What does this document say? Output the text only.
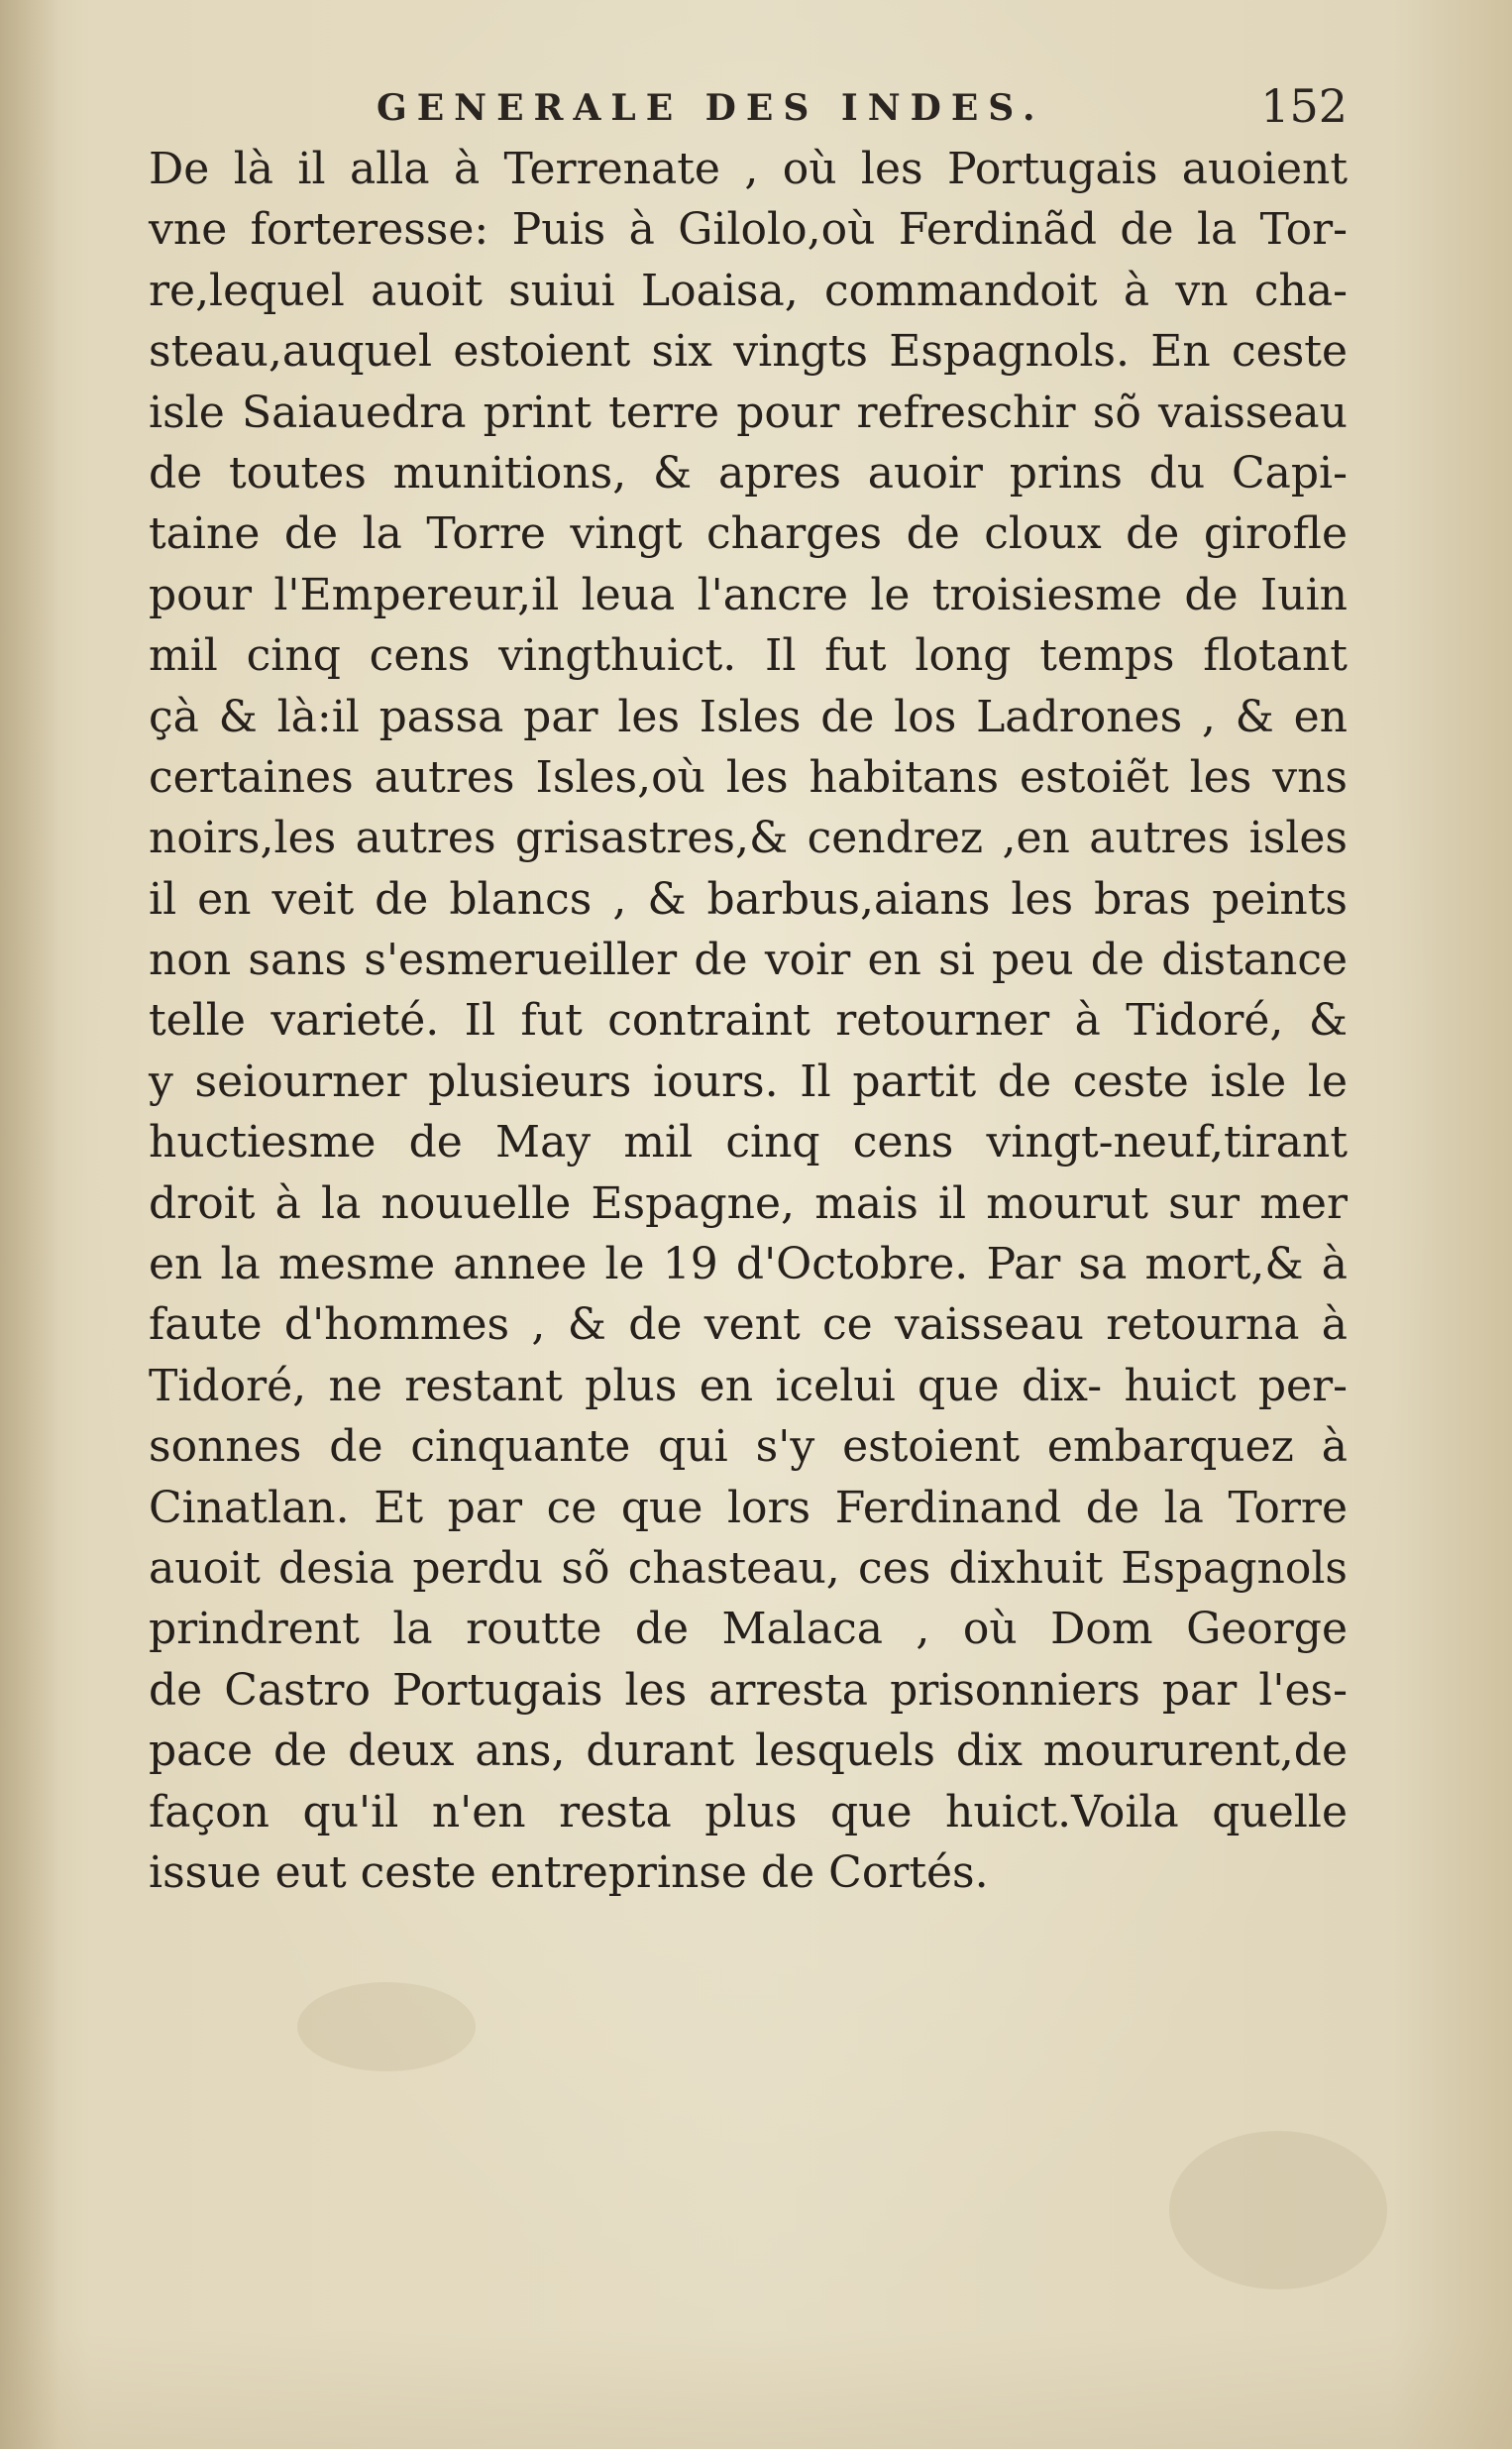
GENERALE DES INDES.	152
De là il alla à Terrenate , où les Portugais auoient
vne forteresse: Puis à Gilolo,où Ferdinãd de la Tor-
re,lequel auoit suiui Loaisa, commandoit à vn cha-
steau,auquel estoient six vingts Espagnols. En ceste
isle Saiauedra print terre pour refreschir sõ vaisseau
de toutes munitions, & apres auoir prins du Capi-
taine de la Torre vingt charges de cloux de girofle
pour l'Empereur,il leua l'ancre le troisiesme de Iuin
mil cinq cens vingthuict. Il fut long temps flotant
çà & là:il passa par les Isles de los Ladrones , & en
certaines autres Isles,où les habitans estoiẽt les vns
noirs,les autres grisastres,& cendrez ,en autres isles
il en veit de blancs , & barbus,aians les bras peints
non sans s'esmerueiller de voir en si peu de distance
telle varieté. Il fut contraint retourner à Tidoré, &
y seiourner plusieurs iours. Il partit de ceste isle le
huctiesme de May mil cinq cens vingt-neuf,tirant
droit à la nouuelle Espagne, mais il mourut sur mer
en la mesme annee le 19 d'Octobre. Par sa mort,& à
faute d'hommes , & de vent ce vaisseau retourna à
Tidoré, ne restant plus en icelui que dix- huict per-
sonnes de cinquante qui s'y estoient embarquez à
Cinatlan. Et par ce que lors Ferdinand de la Torre
auoit desia perdu sõ chasteau, ces dixhuit Espagnols
prindrent la routte de Malaca , où Dom George
de Castro Portugais les arresta prisonniers par l'es-
pace de deux ans, durant lesquels dix moururent,de
façon qu'il n'en resta plus que huict.Voila quelle
issue eut ceste entreprinse de Cortés.
